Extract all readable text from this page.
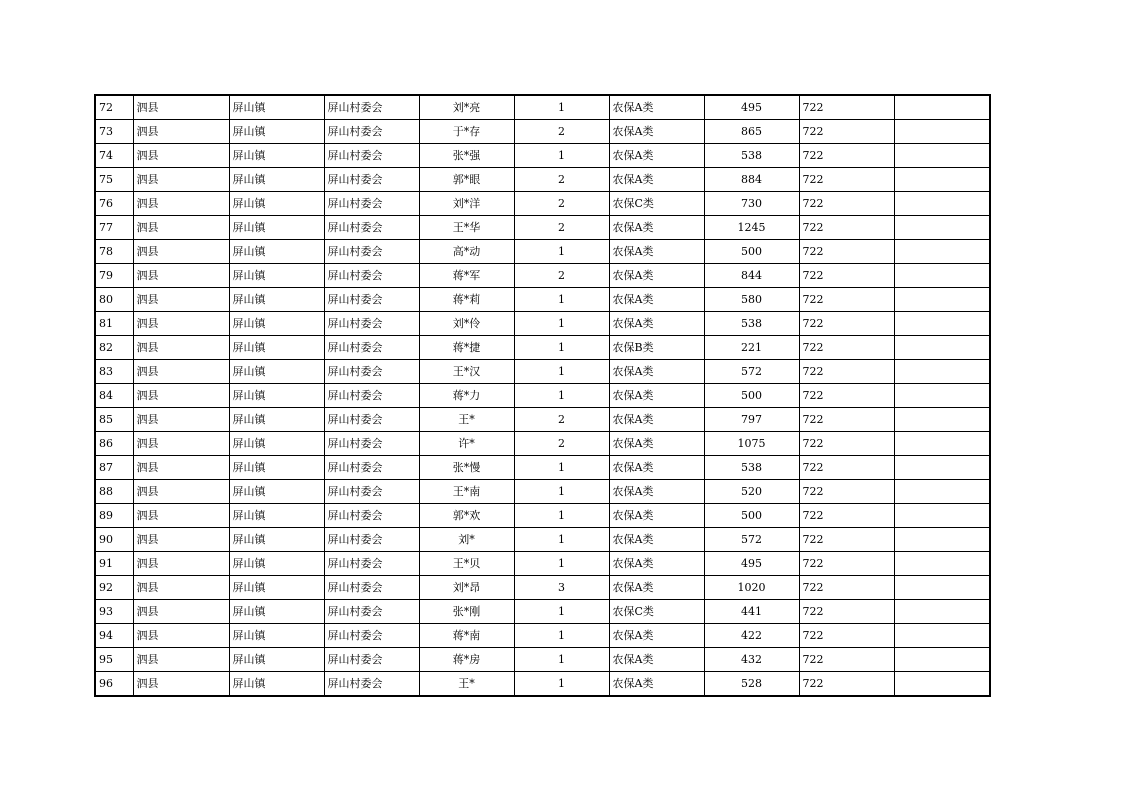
72	泗县	屏山镇	屏山村委会	刘*亮	1	农保A类	495	722	
73	泗县	屏山镇	屏山村委会	于*存	2	农保A类	865	722	
74	泗县	屏山镇	屏山村委会	张*强	1	农保A类	538	722	
75	泗县	屏山镇	屏山村委会	郭*眼	2	农保A类	884	722	
76	泗县	屏山镇	屏山村委会	刘*洋	2	农保C类	730	722	
77	泗县	屏山镇	屏山村委会	王*华	2	农保A类	1245	722	
78	泗县	屏山镇	屏山村委会	高*动	1	农保A类	500	722	
79	泗县	屏山镇	屏山村委会	蒋*军	2	农保A类	844	722	
80	泗县	屏山镇	屏山村委会	蒋*莉	1	农保A类	580	722	
81	泗县	屏山镇	屏山村委会	刘*伶	1	农保A类	538	722	
82	泗县	屏山镇	屏山村委会	蒋*捷	1	农保B类	221	722	
83	泗县	屏山镇	屏山村委会	王*汉	1	农保A类	572	722	
84	泗县	屏山镇	屏山村委会	蒋*力	1	农保A类	500	722	
85	泗县	屏山镇	屏山村委会	王*	2	农保A类	797	722	
86	泗县	屏山镇	屏山村委会	许*	2	农保A类	1075	722	
87	泗县	屏山镇	屏山村委会	张*慢	1	农保A类	538	722	
88	泗县	屏山镇	屏山村委会	王*南	1	农保A类	520	722	
89	泗县	屏山镇	屏山村委会	郭*欢	1	农保A类	500	722	
90	泗县	屏山镇	屏山村委会	刘*	1	农保A类	572	722	
91	泗县	屏山镇	屏山村委会	王*贝	1	农保A类	495	722	
92	泗县	屏山镇	屏山村委会	刘*昂	3	农保A类	1020	722	
93	泗县	屏山镇	屏山村委会	张*刚	1	农保C类	441	722	
94	泗县	屏山镇	屏山村委会	蒋*南	1	农保A类	422	722	
95	泗县	屏山镇	屏山村委会	蒋*房	1	农保A类	432	722	
96	泗县	屏山镇	屏山村委会	王*	1	农保A类	528	722	
